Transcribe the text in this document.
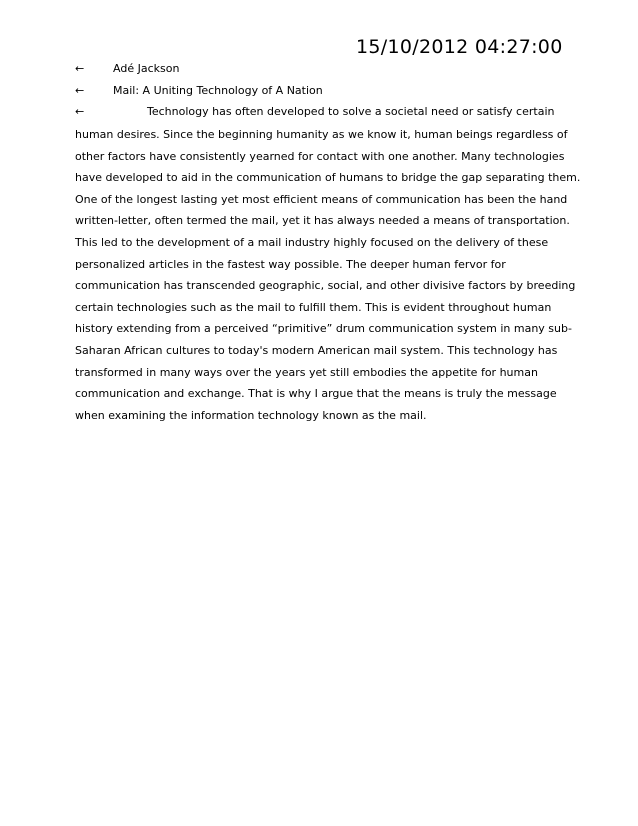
15/10/2012 04:27:00
←	Adé Jackson
←	Mail: A Uniting Technology of A Nation
←	Technology has often developed to solve a societal need or satisfy certain
human desires. Since the beginning humanity as we know it, human beings regardless of
other factors have consistently yearned for contact with one another. Many technologies
have developed to aid in the communication of humans to bridge the gap separating them.
One of the longest lasting yet most efficient means of communication has been the hand
written-letter, often termed the mail, yet it has always needed a means of transportation.
This led to the development of a mail industry highly focused on the delivery of these
personalized articles in the fastest way possible. The deeper human fervor for
communication has transcended geographic, social, and other divisive factors by breeding
certain technologies such as the mail to fulfill them. This is evident throughout human
history extending from a perceived “primitive” drum communication system in many sub-
Saharan African cultures to today's modern American mail system. This technology has
transformed in many ways over the years yet still embodies the appetite for human
communication and exchange. That is why I argue that the means is truly the message
when examining the information technology known as the mail.
